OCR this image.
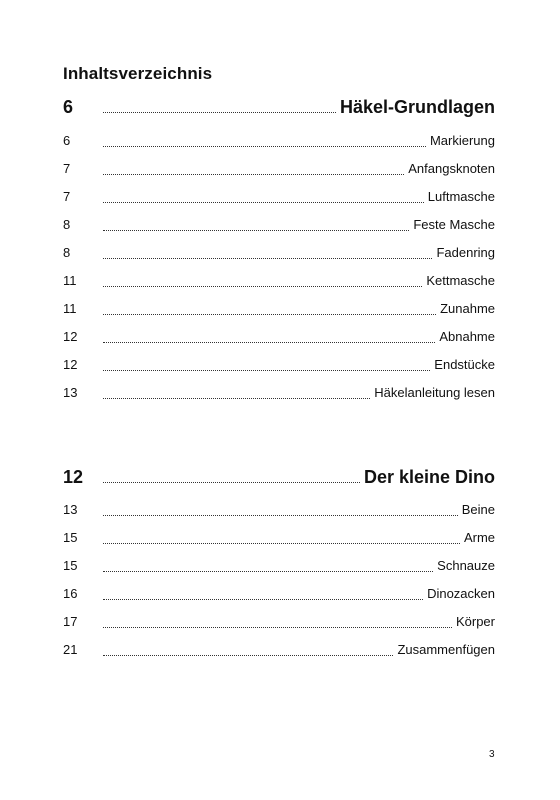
Inhaltsverzeichnis
6	Häkel-Grundlagen
6	Markierung
7	Anfangsknoten
7	Luftmasche
8	Feste Masche
8	Fadenring
11	Kettmasche
11	Zunahme
12	Abnahme
12	Endstücke
13	Häkelanleitung lesen
12	Der kleine Dino
13	Beine
15	Arme
15	Schnauze
16	Dinozacken
17	Körper
21	Zusammenfügen
3
